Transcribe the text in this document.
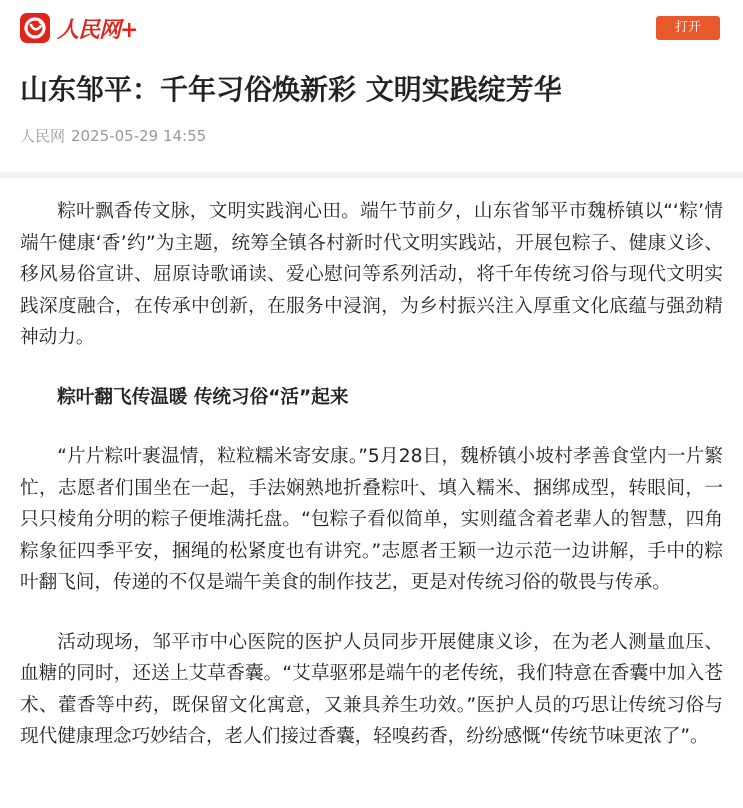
人民网+	打开
山东邹平：千年习俗焕新彩 文明实践绽芳华
人民网 2025-05-29 14:55

粽叶飘香传文脉，文明实践润心田。端午节前夕，山东省邹平市魏桥镇以“‘粽’情端午健康‘香’约”为主题，统筹全镇各村新时代文明实践站，开展包粽子、健康义诊、移风易俗宣讲、屈原诗歌诵读、爱心慰问等系列活动，将千年传统习俗与现代文明实践深度融合，在传承中创新，在服务中浸润，为乡村振兴注入厚重文化底蕴与强劲精神动力。

粽叶翻飞传温暖 传统习俗“活”起来

“片片粽叶裹温情，粒粒糯米寄安康。”5月28日，魏桥镇小坡村孝善食堂内一片繁忙，志愿者们围坐在一起，手法娴熟地折叠粽叶、填入糯米、捆绑成型，转眼间，一只只棱角分明的粽子便堆满托盘。“包粽子看似简单，实则蕴含着老辈人的智慧，四角粽象征四季平安，捆绳的松紧度也有讲究。”志愿者王颖一边示范一边讲解，手中的粽叶翻飞间，传递的不仅是端午美食的制作技艺，更是对传统习俗的敬畏与传承。

活动现场，邹平市中心医院的医护人员同步开展健康义诊，在为老人测量血压、血糖的同时，还送上艾草香囊。“艾草驱邪是端午的老传统，我们特意在香囊中加入苍术、藿香等中药，既保留文化寓意，又兼具养生功效。”医护人员的巧思让传统习俗与现代健康理念巧妙结合，老人们接过香囊，轻嗅药香，纷纷感慨“传统节味更浓了”。
